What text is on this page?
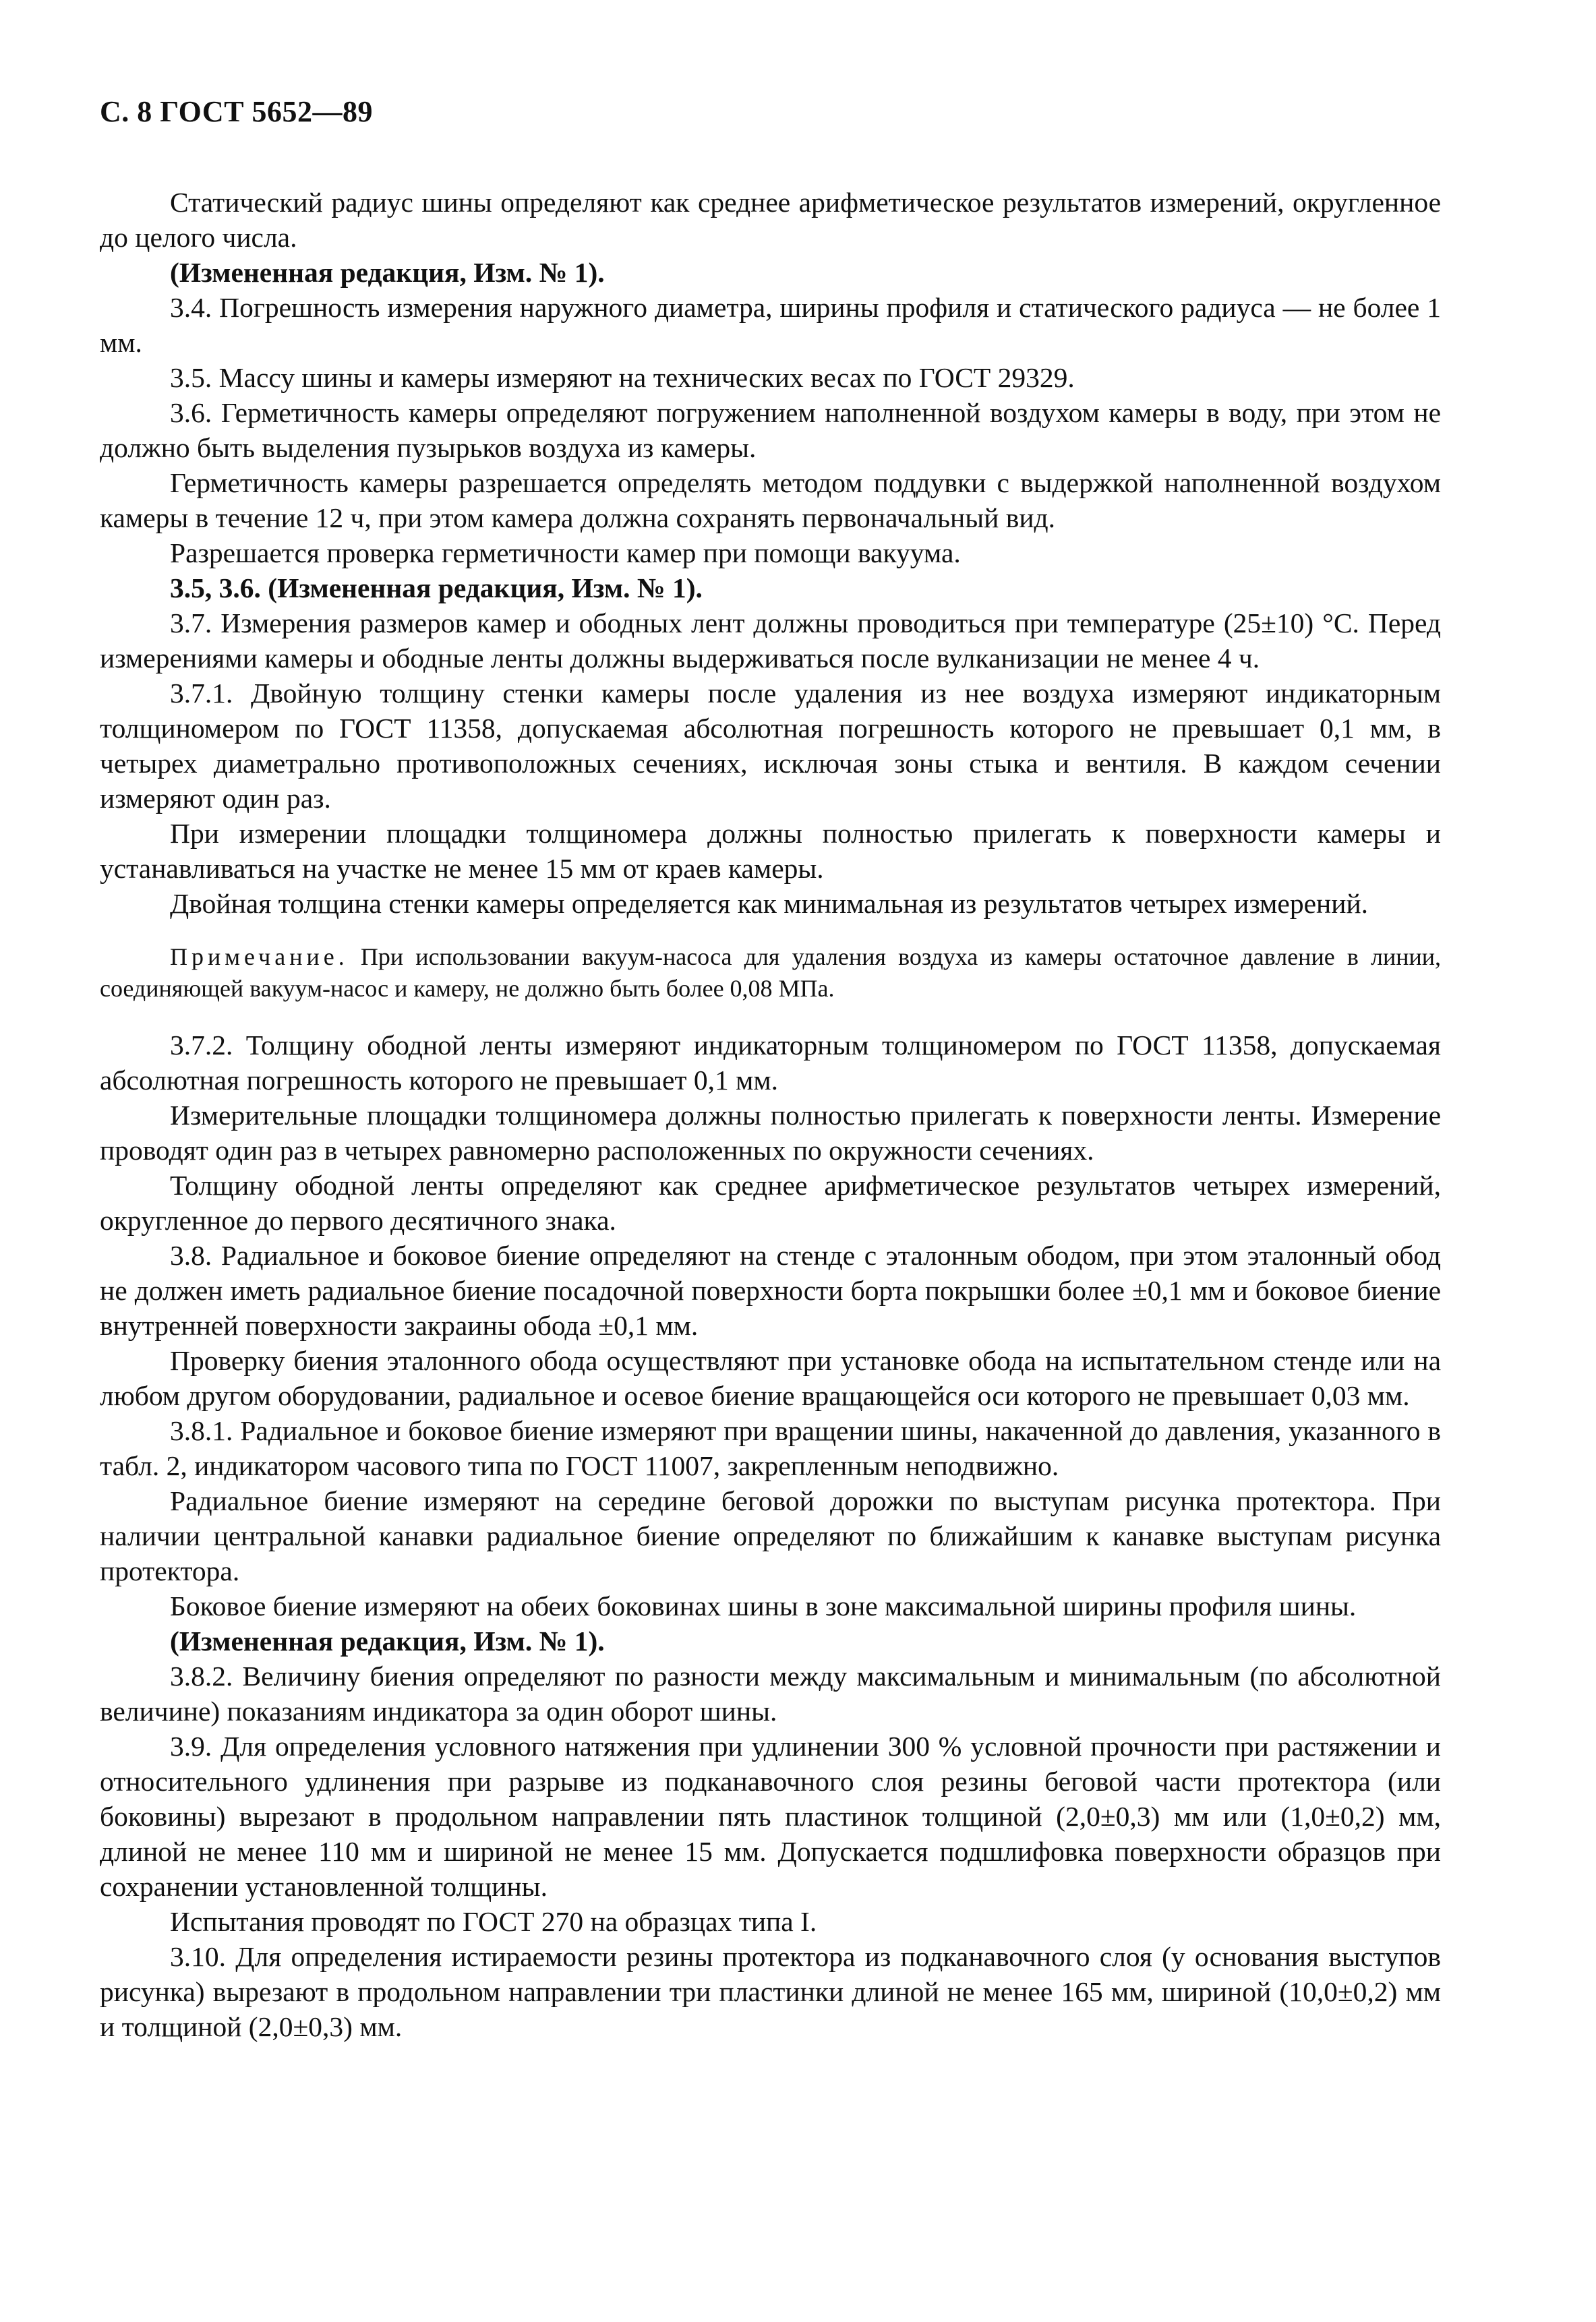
С. 8 ГОСТ 5652—89

Статический радиус шины определяют как среднее арифметическое результатов измерений, округленное до целого числа.

(Измененная редакция, Изм. № 1).

3.4. Погрешность измерения наружного диаметра, ширины профиля и статического радиуса — не более 1 мм.

3.5. Массу шины и камеры измеряют на технических весах по ГОСТ 29329.

3.6. Герметичность камеры определяют погружением наполненной воздухом камеры в воду, при этом не должно быть выделения пузырьков воздуха из камеры.

Герметичность камеры разрешается определять методом поддувки с выдержкой наполненной воздухом камеры в течение 12 ч, при этом камера должна сохранять первоначальный вид.

Разрешается проверка герметичности камер при помощи вакуума.

3.5, 3.6. (Измененная редакция, Изм. № 1).

3.7. Измерения размеров камер и ободных лент должны проводиться при температуре (25±10) °С. Перед измерениями камеры и ободные ленты должны выдерживаться после вулканизации не менее 4 ч.

3.7.1. Двойную толщину стенки камеры после удаления из нее воздуха измеряют индикаторным толщиномером по ГОСТ 11358, допускаемая абсолютная погрешность которого не превышает 0,1 мм, в четырех диаметрально противоположных сечениях, исключая зоны стыка и вентиля. В каждом сечении измеряют один раз.

При измерении площадки толщиномера должны полностью прилегать к поверхности камеры и устанавливаться на участке не менее 15 мм от краев камеры.

Двойная толщина стенки камеры определяется как минимальная из результатов четырех измерений.

Примечание. При использовании вакуум-насоса для удаления воздуха из камеры остаточное давление в линии, соединяющей вакуум-насос и камеру, не должно быть более 0,08 МПа.

3.7.2. Толщину ободной ленты измеряют индикаторным толщиномером по ГОСТ 11358, допускаемая абсолютная погрешность которого не превышает 0,1 мм.

Измерительные площадки толщиномера должны полностью прилегать к поверхности ленты. Измерение проводят один раз в четырех равномерно расположенных по окружности сечениях.

Толщину ободной ленты определяют как среднее арифметическое результатов четырех измерений, округленное до первого десятичного знака.

3.8. Радиальное и боковое биение определяют на стенде с эталонным ободом, при этом эталонный обод не должен иметь радиальное биение посадочной поверхности борта покрышки более ±0,1 мм и боковое биение внутренней поверхности закраины обода ±0,1 мм.

Проверку биения эталонного обода осуществляют при установке обода на испытательном стенде или на любом другом оборудовании, радиальное и осевое биение вращающейся оси которого не превышает 0,03 мм.

3.8.1. Радиальное и боковое биение измеряют при вращении шины, накаченной до давления, указанного в табл. 2, индикатором часового типа по ГОСТ 11007, закрепленным неподвижно.

Радиальное биение измеряют на середине беговой дорожки по выступам рисунка протектора. При наличии центральной канавки радиальное биение определяют по ближайшим к канавке выступам рисунка протектора.

Боковое биение измеряют на обеих боковинах шины в зоне максимальной ширины профиля шины.

(Измененная редакция, Изм. № 1).

3.8.2. Величину биения определяют по разности между максимальным и минимальным (по абсолютной величине) показаниям индикатора за один оборот шины.

3.9. Для определения условного натяжения при удлинении 300 % условной прочности при растяжении и относительного удлинения при разрыве из подканавочного слоя резины беговой части протектора (или боковины) вырезают в продольном направлении пять пластинок толщиной (2,0±0,3) мм или (1,0±0,2) мм, длиной не менее 110 мм и шириной не менее 15 мм. Допускается подшлифовка поверхности образцов при сохранении установленной толщины.

Испытания проводят по ГОСТ 270 на образцах типа I.

3.10. Для определения истираемости резины протектора из подканавочного слоя (у основания выступов рисунка) вырезают в продольном направлении три пластинки длиной не менее 165 мм, шириной (10,0±0,2) мм и толщиной (2,0±0,3) мм.
